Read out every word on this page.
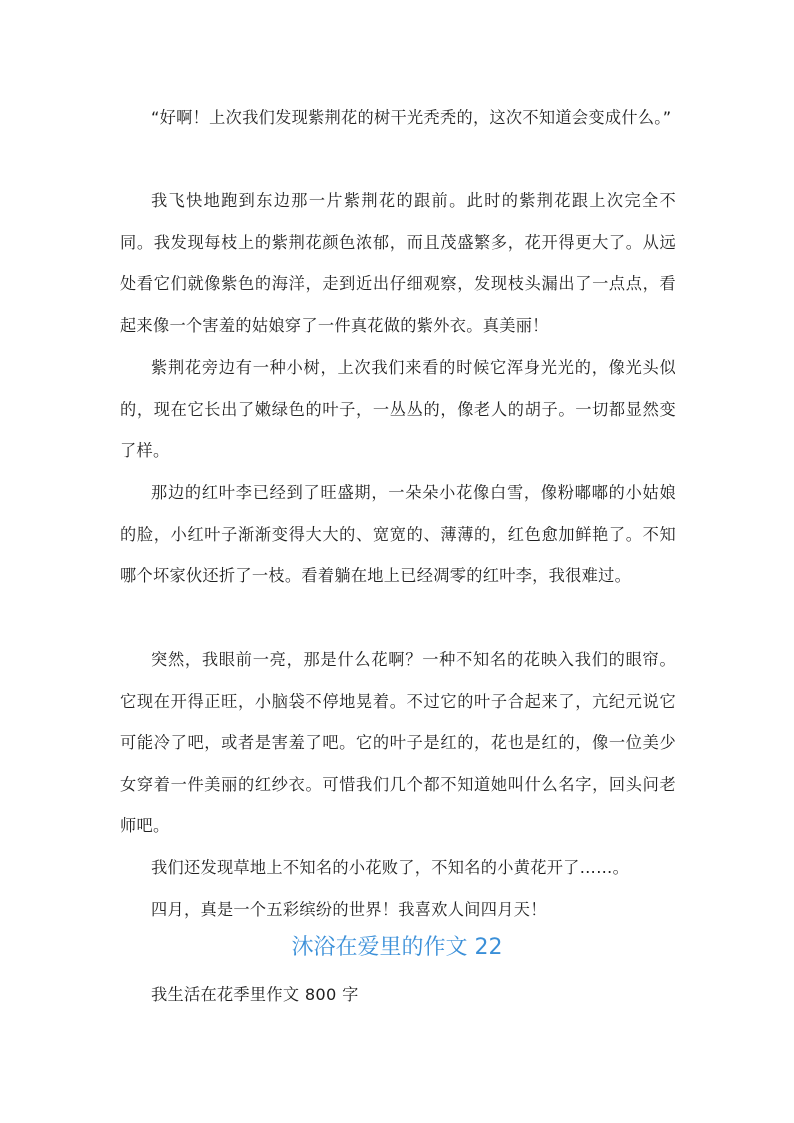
“好啊！上次我们发现紫荆花的树干光秃秃的，这次不知道会变成什么。”

我飞快地跑到东边那一片紫荆花的跟前。此时的紫荆花跟上次完全不同。我发现每枝上的紫荆花颜色浓郁，而且茂盛繁多，花开得更大了。从远处看它们就像紫色的海洋，走到近出仔细观察，发现枝头漏出了一点点，看起来像一个害羞的姑娘穿了一件真花做的紫外衣。真美丽！

紫荆花旁边有一种小树，上次我们来看的时候它浑身光光的，像光头似的，现在它长出了嫩绿色的叶子，一丛丛的，像老人的胡子。一切都显然变了样。

那边的红叶李已经到了旺盛期，一朵朵小花像白雪，像粉嘟嘟的小姑娘的脸，小红叶子渐渐变得大大的、宽宽的、薄薄的，红色愈加鲜艳了。不知哪个坏家伙还折了一枝。看着躺在地上已经凋零的红叶李，我很难过。

突然，我眼前一亮，那是什么花啊？一种不知名的花映入我们的眼帘。它现在开得正旺，小脑袋不停地晃着。不过它的叶子合起来了，亢纪元说它可能冷了吧，或者是害羞了吧。它的叶子是红的，花也是红的，像一位美少女穿着一件美丽的红纱衣。可惜我们几个都不知道她叫什么名字，回头问老师吧。

我们还发现草地上不知名的小花败了，不知名的小黄花开了……。

四月，真是一个五彩缤纷的世界！我喜欢人间四月天！

沐浴在爱里的作文 22

我生活在花季里作文 800 字
